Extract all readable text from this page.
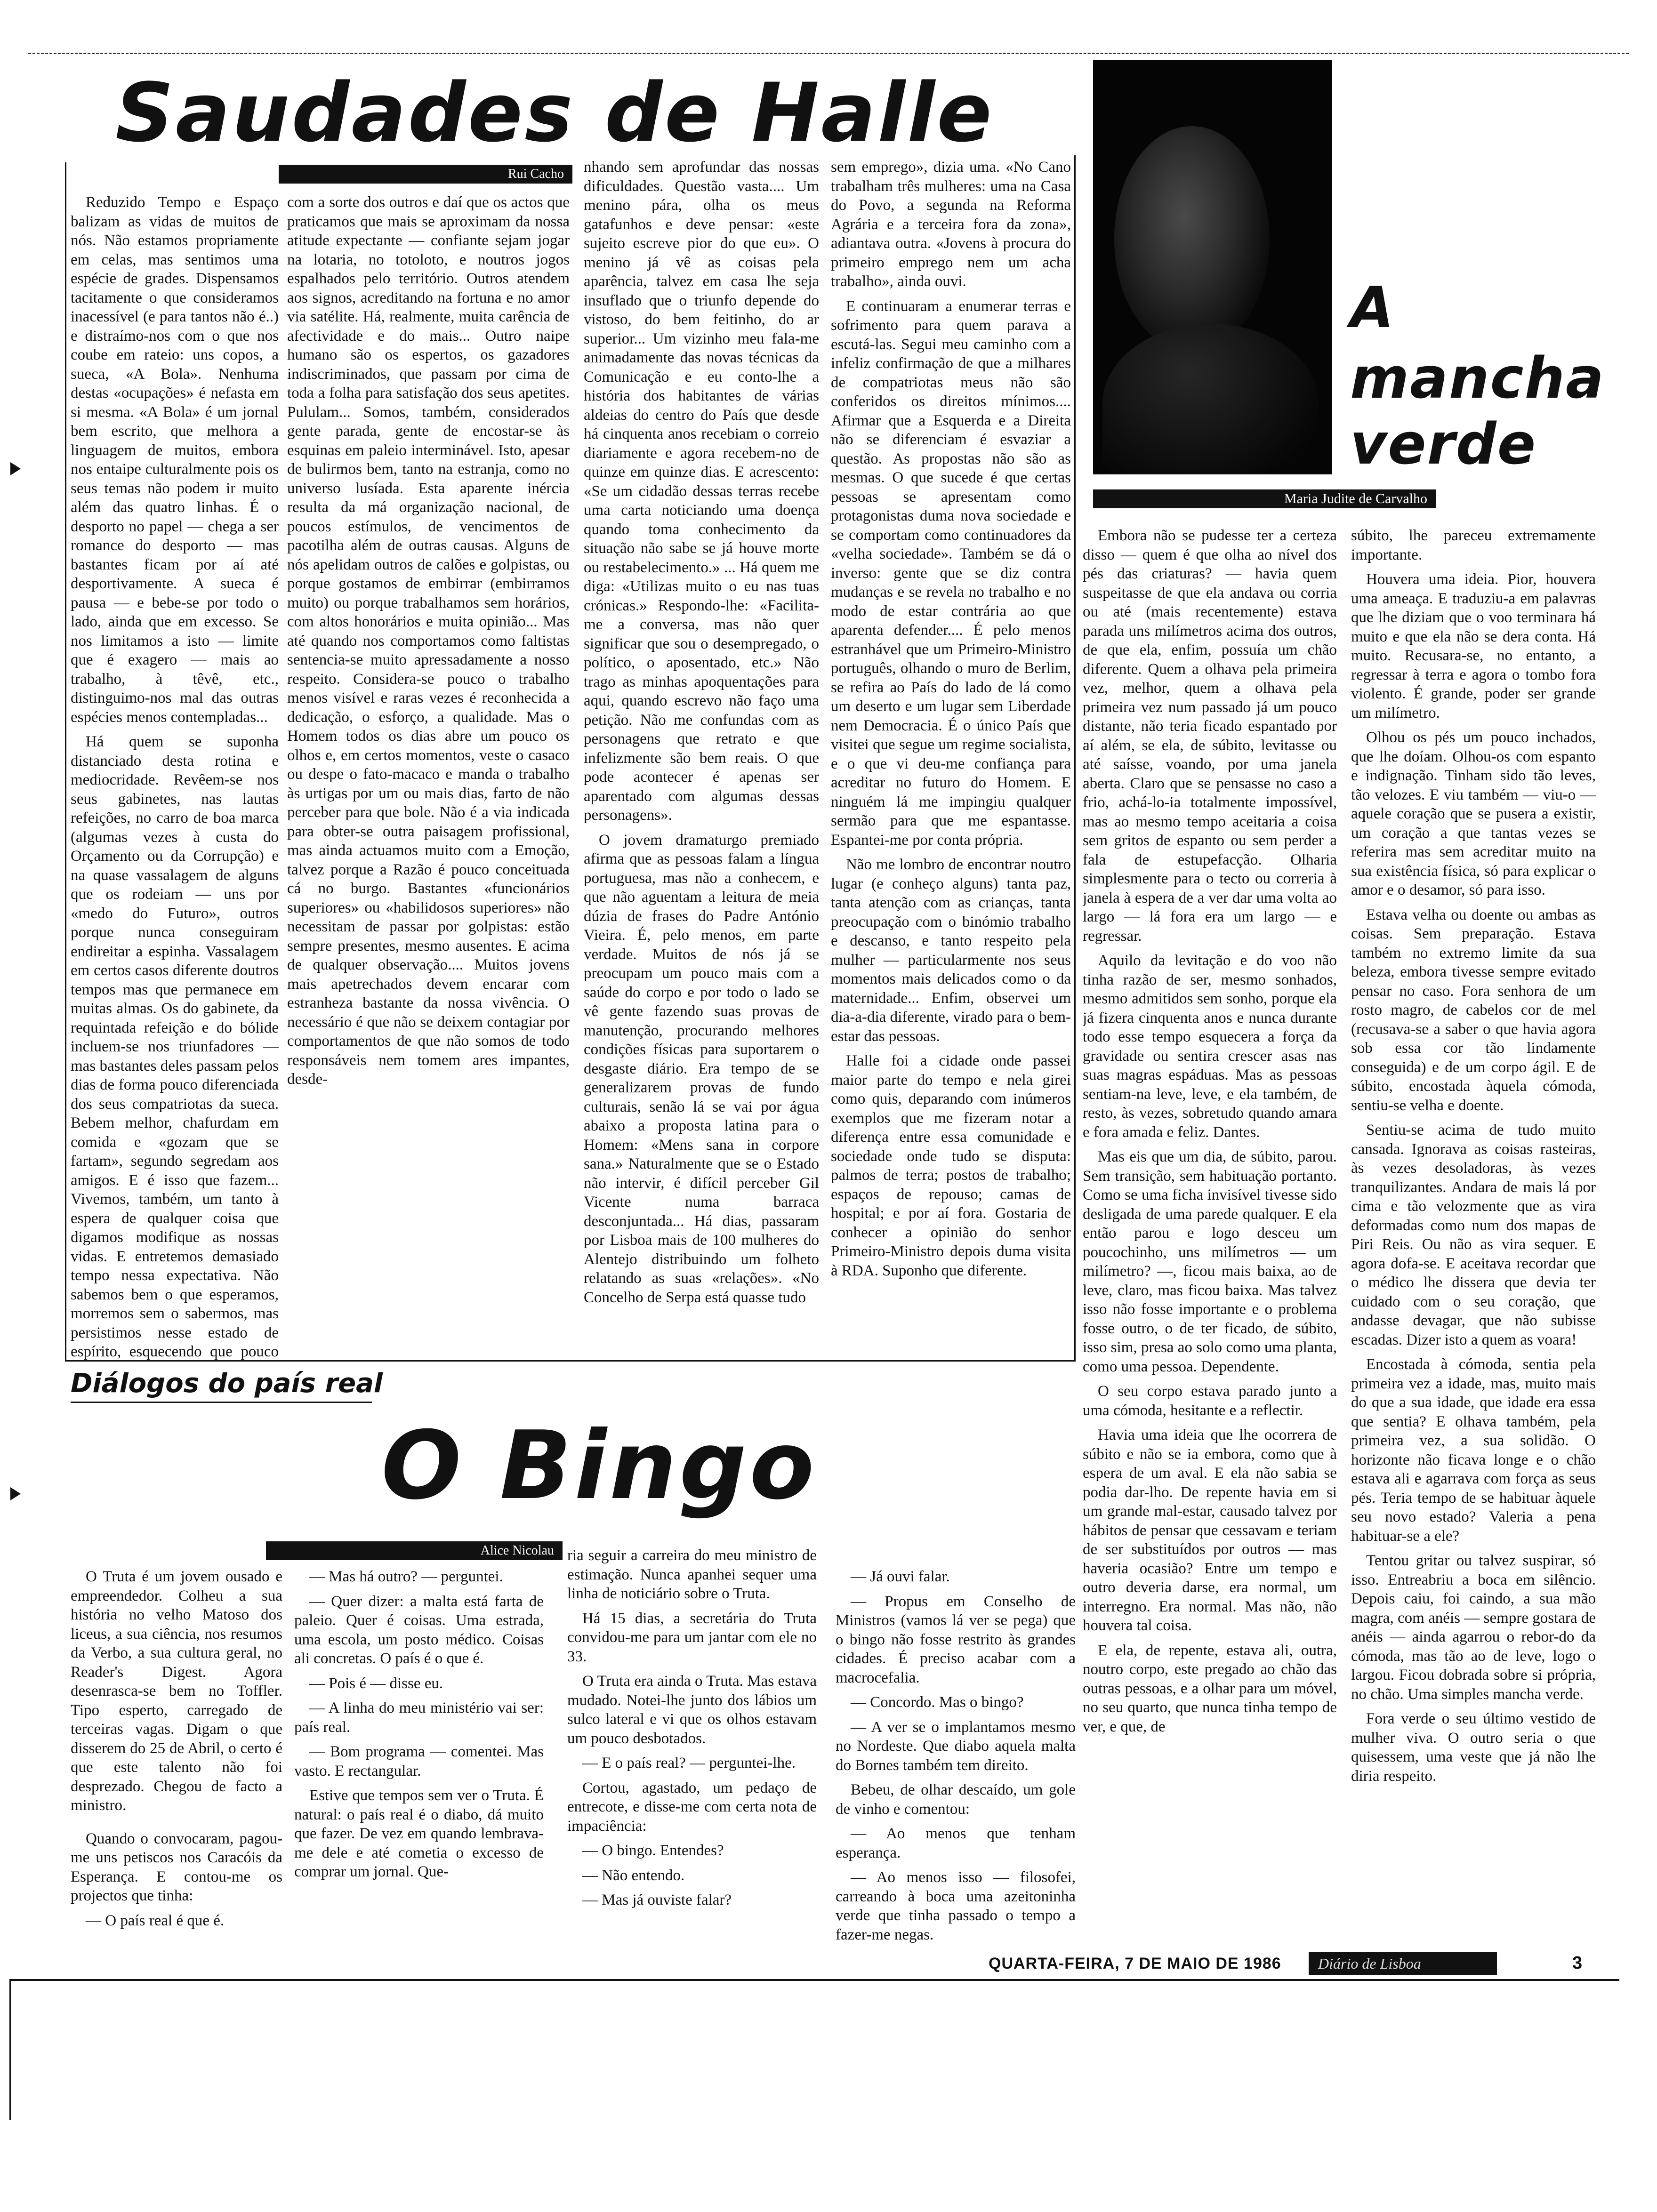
Saudades de Halle
Rui Cacho

Reduzido Tempo e Espaço balizam as vidas de muitos de nós. Não estamos propriamente em celas, mas sentimos uma espécie de grades. Dispensamos tacitamente o que consideramos inacessível (e para tantos não é..) e distraímo-nos com o que nos coube em rateio: uns copos, a sueca, «A Bola». Nenhuma destas «ocupações» é nefasta em si mesma. «A Bola» é um jornal bem escrito, que melhora a linguagem de muitos, embora nos entaipe culturalmente pois os seus temas não podem ir muito além das quatro linhas. É o desporto no papel — chega a ser romance do desporto — mas bastantes ficam por aí até desportivamente. A sueca é pausa — e bebe-se por todo o lado, ainda que em excesso. Se nos limitamos a isto — limite que é exagero — mais ao trabalho, à têvê, etc., distinguimo-nos mal das outras espécies menos contempladas...

Há quem se suponha distanciado desta rotina e mediocridade. Revêem-se nos seus gabinetes, nas lautas refeições, no carro de boa marca (algumas vezes à custa do Orçamento ou da Corrupção) e na quase vassalagem de alguns que os rodeiam — uns por «medo do Futuro», outros porque nunca conseguiram endireitar a espinha. Vassalagem em certos casos diferente doutros tempos mas que permanece em muitas almas. Os do gabinete, da requintada refeição e do bólide incluem-se nos triunfadores — mas bastantes deles passam pelos dias de forma pouco diferenciada dos seus compatriotas da sueca. Bebem melhor, chafurdam em comida e «gozam que se fartam», segundo segredam aos amigos. E é isso que fazem... Vivemos, também, um tanto à espera de qualquer coisa que digamos modifique as nossas vidas. E entretemos demasiado tempo nessa expectativa. Não sabemos bem o que esperamos, morremos sem o sabermos, mas persistimos nesse estado de espírito, esquecendo que pouco

com a sorte dos outros e daí que os actos que praticamos que mais se aproximam da nossa atitude expectante — confiante sejam jogar na lotaria, no totoloto, e noutros jogos espalhados pelo território. Outros atendem aos signos, acreditando na fortuna e no amor via satélite. Há, realmente, muita carência de afectividade e do mais... Outro naipe humano são os espertos, os gazadores indiscriminados, que passam por cima de toda a folha para satisfação dos seus apetites. Pululam... Somos, também, considerados gente parada, gente de encostar-se às esquinas em paleio interminável. Isto, apesar de bulirmos bem, tanto na estranja, como no universo lusíada. Esta aparente inércia resulta da má organização nacional, de poucos estímulos, de vencimentos de pacotilha além de outras causas. Alguns de nós apelidam outros de calões e golpistas, ou porque gostamos de embirrar (embirramos muito) ou porque trabalhamos sem horários, com altos honorários e muita opinião... Mas até quando nos comportamos como faltistas sentencia-se muito apressadamente a nosso respeito. Considera-se pouco o trabalho menos visível e raras vezes é reconhecida a dedicação, o esforço, a qualidade. Mas o Homem todos os dias abre um pouco os olhos e, em certos momentos, veste o casaco ou despe o fato-macaco e manda o trabalho às urtigas por um ou mais dias, farto de não perceber para que bole. Não é a via indicada para obter-se outra paisagem profissional, mas ainda actuamos muito com a Emoção, talvez porque a Razão é pouco conceituada cá no burgo. Bastantes «funcionários superiores» ou «habilidosos superiores» não necessitam de passar por golpistas: estão sempre presentes, mesmo ausentes. E acima de qualquer observação.... Muitos jovens mais apetrechados devem encarar com estranheza bastante da nossa vivência. O necessário é que não se deixem contagiar por comportamentos de que não somos de todo responsáveis nem tomem ares impantes, desde-

nhando sem aprofundar das nossas dificuldades. Questão vasta.... Um menino pára, olha os meus gatafunhos e deve pensar: «este sujeito escreve pior do que eu». O menino já vê as coisas pela aparência, talvez em casa lhe seja insuflado que o triunfo depende do vistoso, do bem feitinho, do ar superior... Um vizinho meu fala-me animadamente das novas técnicas da Comunicação e eu conto-lhe a história dos habitantes de várias aldeias do centro do País que desde há cinquenta anos recebiam o correio diariamente e agora recebem-no de quinze em quinze dias. E acrescento: «Se um cidadão dessas terras recebe uma carta noticiando uma doença quando toma conhecimento da situação não sabe se já houve morte ou restabelecimento.» ... Há quem me diga: «Utilizas muito o eu nas tuas crónicas.» Respondo-lhe: «Facilita-me a conversa, mas não quer significar que sou o desempregado, o político, o aposentado, etc.» Não trago as minhas apoquentações para aqui, quando escrevo não faço uma petição. Não me confundas com as personagens que retrato e que infelizmente são bem reais. O que pode acontecer é apenas ser aparentado com algumas dessas personagens».

O jovem dramaturgo premiado afirma que as pessoas falam a língua portuguesa, mas não a conhecem, e que não aguentam a leitura de meia dúzia de frases do Padre António Vieira. É, pelo menos, em parte verdade. Muitos de nós já se preocupam um pouco mais com a saúde do corpo e por todo o lado se vê gente fazendo suas provas de manutenção, procurando melhores condições físicas para suportarem o desgaste diário. Era tempo de se generalizarem provas de fundo culturais, senão lá se vai por água abaixo a proposta latina para o Homem: «Mens sana in corpore sana.» Naturalmente que se o Estado não intervir, é difícil perceber Gil Vicente numa barraca desconjuntada... Há dias, passaram por Lisboa mais de 100 mulheres do Alentejo distribuindo um folheto relatando as suas «relações». «No Concelho de Serpa está quasse tudo

sem emprego», dizia uma. «No Cano trabalham três mulheres: uma na Casa do Povo, a segunda na Reforma Agrária e a terceira fora da zona», adiantava outra. «Jovens à procura do primeiro emprego nem um acha trabalho», ainda ouvi.

E continuaram a enumerar terras e sofrimento para quem parava a escutá-las. Segui meu caminho com a infeliz confirmação de que a milhares de compatriotas meus não são conferidos os direitos mínimos.... Afirmar que a Esquerda e a Direita não se diferenciam é esvaziar a questão. As propostas não são as mesmas. O que sucede é que certas pessoas se apresentam como protagonistas duma nova sociedade e se comportam como continuadores da «velha sociedade». Também se dá o inverso: gente que se diz contra mudanças e se revela no trabalho e no modo de estar contrária ao que aparenta defender.... É pelo menos estranhável que um Primeiro-Ministro português, olhando o muro de Berlim, se refira ao País do lado de lá como um deserto e um lugar sem Liberdade nem Democracia. É o único País que visitei que segue um regime socialista, e o que vi deu-me confiança para acreditar no futuro do Homem. E ninguém lá me impingiu qualquer sermão para que me espantasse. Espantei-me por conta própria.

Não me lombro de encontrar noutro lugar (e conheço alguns) tanta paz, tanta atenção com as crianças, tanta preocupação com o binómio trabalho e descanso, e tanto respeito pela mulher — particularmente nos seus momentos mais delicados como o da maternidade... Enfim, observei um dia-a-dia diferente, virado para o bem-estar das pessoas.

Halle foi a cidade onde passei maior parte do tempo e nela girei como quis, deparando com inúmeros exemplos que me fizeram notar a diferença entre essa comunidade e sociedade onde tudo se disputa: palmos de terra; postos de trabalho; espaços de repouso; camas de hospital; e por aí fora. Gostaria de conhecer a opinião do senhor Primeiro-Ministro depois duma visita à RDA. Suponho que diferente.

A
mancha
verde
Maria Judite de Carvalho

Embora não se pudesse ter a certeza disso — quem é que olha ao nível dos pés das criaturas? — havia quem suspeitasse de que ela andava ou corria ou até (mais recentemente) estava parada uns milímetros acima dos outros, de que ela, enfim, possuía um chão diferente. Quem a olhava pela primeira vez, melhor, quem a olhava pela primeira vez num passado já um pouco distante, não teria ficado espantado por aí além, se ela, de súbito, levitasse ou até saísse, voando, por uma janela aberta. Claro que se pensasse no caso a frio, achá-lo-ia totalmente impossível, mas ao mesmo tempo aceitaria a coisa sem gritos de espanto ou sem perder a fala de estupefacção. Olharia simplesmente para o tecto ou correria à janela à espera de a ver dar uma volta ao largo — lá fora era um largo — e regressar.

Aquilo da levitação e do voo não tinha razão de ser, mesmo sonhados, mesmo admitidos sem sonho, porque ela já fizera cinquenta anos e nunca durante todo esse tempo esquecera a força da gravidade ou sentira crescer asas nas suas magras espáduas. Mas as pessoas sentiam-na leve, leve, e ela também, de resto, às vezes, sobretudo quando amara e fora amada e feliz. Dantes.

Mas eis que um dia, de súbito, parou. Sem transição, sem habituação portanto. Como se uma ficha invisível tivesse sido desligada de uma parede qualquer. E ela então parou e logo desceu um poucochinho, uns milímetros — um milímetro? —, ficou mais baixa, ao de leve, claro, mas ficou baixa. Mas talvez isso não fosse importante e o problema fosse outro, o de ter ficado, de súbito, isso sim, presa ao solo como uma planta, como uma pessoa. Dependente.

O seu corpo estava parado junto a uma cómoda, hesitante e a reflectir.

Havia uma ideia que lhe ocorrera de súbito e não se ia embora, como que à espera de um aval. E ela não sabia se podia dar-lho. De repente havia em si um grande mal-estar, causado talvez por hábitos de pensar que cessavam e teriam de ser substituídos por outros — mas haveria ocasião? Entre um tempo e outro deveria darse, era normal, um interregno. Era normal. Mas não, não houvera tal coisa.

E ela, de repente, estava ali, outra, noutro corpo, este pregado ao chão das outras pessoas, e a olhar para um móvel, no seu quarto, que nunca tinha tempo de ver, e que, de

súbito, lhe pareceu extremamente importante.

Houvera uma ideia. Pior, houvera uma ameaça. E traduziu-a em palavras que lhe diziam que o voo terminara há muito e que ela não se dera conta. Há muito. Recusara-se, no entanto, a regressar à terra e agora o tombo fora violento. É grande, poder ser grande um milímetro.

Olhou os pés um pouco inchados, que lhe doíam. Olhou-os com espanto e indignação. Tinham sido tão leves, tão velozes. E viu também — viu-o — aquele coração que se pusera a existir, um coração a que tantas vezes se referira mas sem acreditar muito na sua existência física, só para explicar o amor e o desamor, só para isso.

Estava velha ou doente ou ambas as coisas. Sem preparação. Estava também no extremo limite da sua beleza, embora tivesse sempre evitado pensar no caso. Fora senhora de um rosto magro, de cabelos cor de mel (recusava-se a saber o que havia agora sob essa cor tão lindamente conseguida) e de um corpo ágil. E de súbito, encostada àquela cómoda, sentiu-se velha e doente.

Sentiu-se acima de tudo muito cansada. Ignorava as coisas rasteiras, às vezes desoladoras, às vezes tranquilizantes. Andara de mais lá por cima e tão velozmente que as vira deformadas como num dos mapas de Piri Reis. Ou não as vira sequer. E agora dofa-se. E aceitava recordar que o médico lhe dissera que devia ter cuidado com o seu coração, que andasse devagar, que não subisse escadas. Dizer isto a quem as voara!

Encostada à cómoda, sentia pela primeira vez a idade, mas, muito mais do que a sua idade, que idade era essa que sentia? E olhava também, pela primeira vez, a sua solidão. O horizonte não ficava longe e o chão estava ali e agarrava com força as seus pés. Teria tempo de se habituar àquele seu novo estado? Valeria a pena habituar-se a ele?

Tentou gritar ou talvez suspirar, só isso. Entreabriu a boca em silêncio. Depois caiu, foi caindo, a sua mão magra, com anéis — sempre gostara de anéis — ainda agarrou o rebor-do da cómoda, mas tão ao de leve, logo o largou. Ficou dobrada sobre si própria, no chão. Uma simples mancha verde.

Fora verde o seu último vestido de mulher viva. O outro seria o que quisessem, uma veste que já não lhe diria respeito.

Diálogos do país real
O Bingo
Alice Nicolau

O Truta é um jovem ousado e empreendedor. Colheu a sua história no velho Matoso dos liceus, a sua ciência, nos resumos da Verbo, a sua cultura geral, no Reader's Digest. Agora desenrasca-se bem no Toffler. Tipo esperto, carregado de terceiras vagas. Digam o que disserem do 25 de Abril, o certo é que este talento não foi desprezado. Chegou de facto a ministro.

Quando o convocaram, pagou-me uns petiscos nos Caracóis da Esperança. E contou-me os projectos que tinha:

— O país real é que é.

— Mas há outro? — perguntei.

— Quer dizer: a malta está farta de paleio. Quer é coisas. Uma estrada, uma escola, um posto médico. Coisas ali concretas. O país é o que é.

— Pois é — disse eu.

— A linha do meu ministério vai ser: país real.

— Bom programa — comentei. Mas vasto. E rectangular.

Estive que tempos sem ver o Truta. É natural: o país real é o diabo, dá muito que fazer. De vez em quando lembrava-me dele e até cometia o excesso de comprar um jornal. Que-

ria seguir a carreira do meu ministro de estimação. Nunca apanhei sequer uma linha de noticiário sobre o Truta.

Há 15 dias, a secretária do Truta convidou-me para um jantar com ele no 33.

O Truta era ainda o Truta. Mas estava mudado. Notei-lhe junto dos lábios um sulco lateral e vi que os olhos estavam um pouco desbotados.

— E o país real? — perguntei-lhe.

Cortou, agastado, um pedaço de entrecote, e disse-me com certa nota de impaciência:

— O bingo. Entendes?

— Não entendo.

— Mas já ouviste falar?

— Já ouvi falar.

— Propus em Conselho de Ministros (vamos lá ver se pega) que o bingo não fosse restrito às grandes cidades. É preciso acabar com a macrocefalia.

— Concordo. Mas o bingo?

— A ver se o implantamos mesmo no Nordeste. Que diabo aquela malta do Bornes também tem direito.

Bebeu, de olhar descaído, um gole de vinho e comentou:

— Ao menos que tenham esperança.

— Ao menos isso — filosofei, carreando à boca uma azeitoninha verde que tinha passado o tempo a fazer-me negas.

QUARTA-FEIRA, 7 DE MAIO DE 1986	Diário de Lisboa	3
